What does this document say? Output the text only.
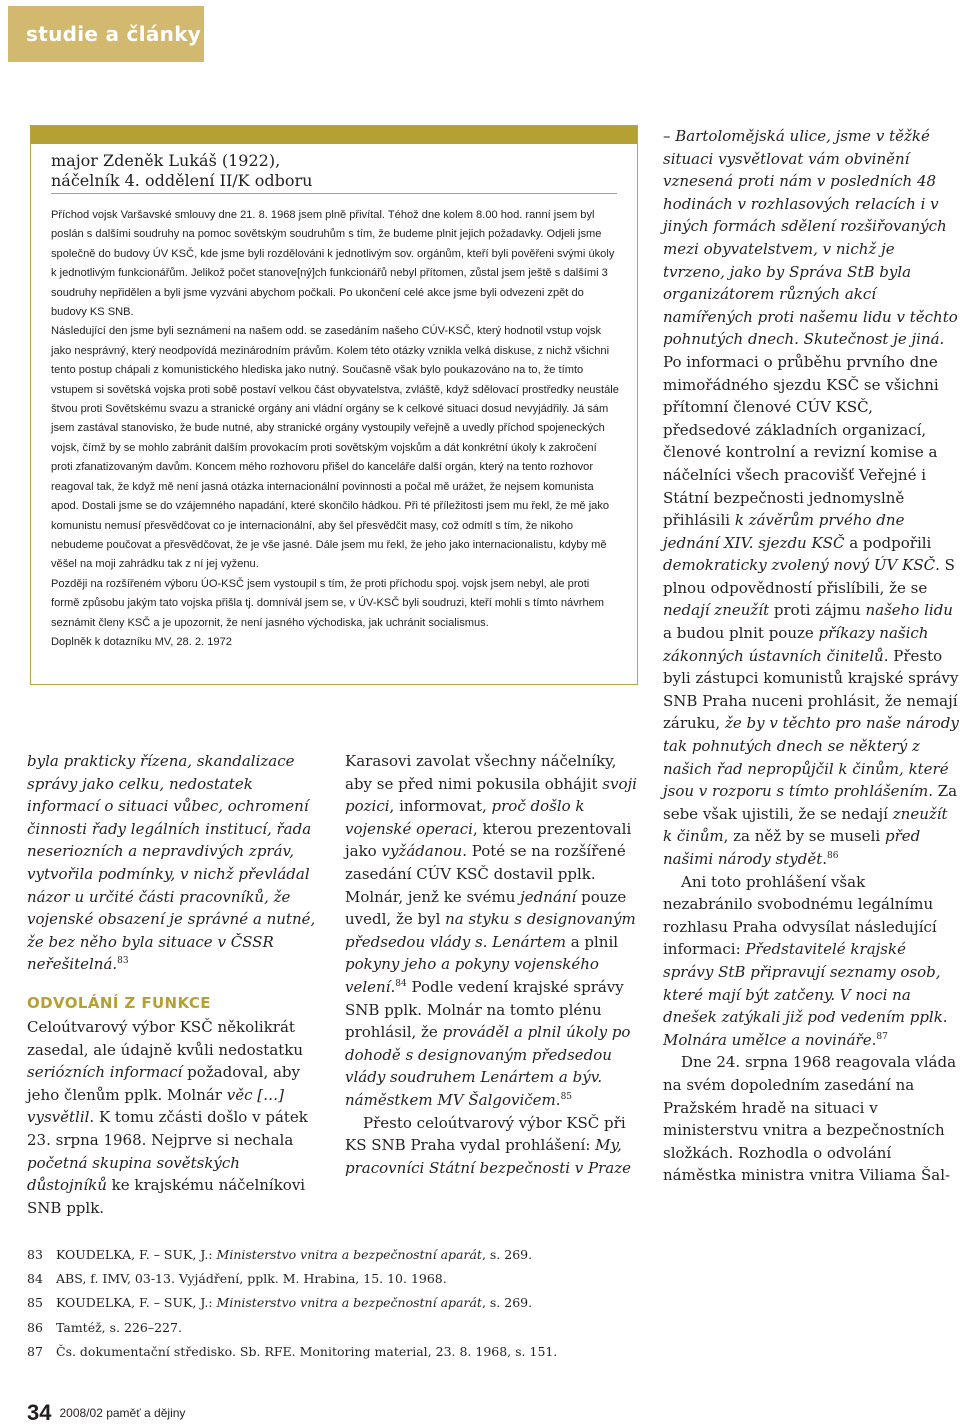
studie a články
major Zdeněk Lukáš (1922),
náčelník 4. oddělení II/K odboru

Příchod vojsk Varšavské smlouvy dne 21. 8. 1968 jsem plně přivítal. Téhož dne kolem 8.00 hod. ranní jsem byl poslán s dalšími soudruhy na pomoc sovětským soudruhům s tím, že budeme plnit jejich požadavky. Odjeli jsme společně do budovy ÚV KSČ, kde jsme byli rozdělováni k jednotlivým sov. orgánům, kteří byli pověřeni svými úkoly k jednotlivým funkcionářům. Jelikož počet stanove[ný]ch funkcionářů nebyl přítomen, zůstal jsem ještě s dalšími 3 soudruhy nepřidělen a byli jsme vyzváni abychom počkali. Po ukončení celé akce jsme byli odvezeni zpět do budovy KS SNB.

Následující den jsme byli seznámeni na našem odd. se zasedáním našeho CÚV-KSČ, který hodnotil vstup vojsk jako nesprávný, který neodpovídá mezinárodním právům. Kolem této otázky vznikla velká diskuse, z nichž všichni tento postup chápali z komunistického hlediska jako nutný. Současně však bylo poukazováno na to, že tímto vstupem si sovětská vojska proti sobě postaví velkou část obyvatelstva, zvláště, když sdělovací prostředky neustále štvou proti Sovětskému svazu a stranické orgány ani vládní orgány se k celkové situaci dosud nevyjádřily. Já sám jsem zastával stanovisko, že bude nutné, aby stranické orgány vystoupily veřejně a uvedly příchod spojeneckých vojsk, čímž by se mohlo zabránit dalším provokacím proti sovětským vojskům a dát konkrétní úkoly k zakročení proti zfanatizovaným davům. Koncem mého rozhovoru přišel do kanceláře další orgán, který na tento rozhovor reagoval tak, že když mě není jasná otázka internacionální povinnosti a počal mě urážet, že nejsem komunista apod. Dostali jsme se do vzájemného napadání, které skončilo hádkou. Při té příležitosti jsem mu řekl, že mě jako komunistu nemusí přesvědčovat co je internacionální, aby šel přesvědčit masy, což odmítl s tím, že nikoho nebudeme poučovat a přesvědčovat, že je vše jasné. Dále jsem mu řekl, že jeho jako internacionalistu, kdyby mě věšel na moji zahrádku tak z ní jej vyženu.

Později na rozšířeném výboru ÚO-KSČ jsem vystoupil s tím, že proti příchodu spoj. vojsk jsem nebyl, ale proti formě způsobu jakým tato vojska přišla tj. domnívál jsem se, v ÚV-KSČ byli soudruzi, kteří mohli s tímto návrhem seznámit členy KSČ a je upozornit, že není jasného východiska, jak uchránit socialismus.

Doplněk k dotazníku MV, 28. 2. 1972

byla prakticky řízena, skandalizace správy jako celku, nedostatek informací o situaci vůbec, ochromení činnosti řady legálních institucí, řada neseriozních a nepravdivých zpráv, vytvořila podmínky, v nichž převládal názor u určité části pracovníků, že vojenské obsazení je správné a nutné, že bez něho byla situace v ČSSR neřešitelná.$^{83}$

ODVOLÁNÍ Z FUNKCE

Celoútvarový výbor KSČ několikrát zasedal, ale údajně kvůli nedostatku seriózních informací požadoval, aby jeho členům pplk. Molnár věc […] vysvětlil. K tomu zčásti došlo v pátek 23. srpna 1968. Nejprve si nechala početná skupina sovětských důstojníků ke krajskému náčelníkovi SNB pplk.

Karasovi zavolat všechny náčelníky, aby se před nimi pokusila obhájit svoji pozici, informovat, proč došlo k vojenské operaci, kterou prezentovali jako vyžádanou. Poté se na rozšířené zasedání CÚV KSČ dostavil pplk. Molnár, jenž ke svému jednání pouze uvedl, že byl na styku s designovaným předsedou vlády s. Lenártem a plnil pokyny jeho a pokyny vojenského velení.$^{84}$ Podle vedení krajské správy SNB pplk. Molnár na tomto plénu prohlásil, že prováděl a plnil úkoly po dohodě s designovaným předsedou vlády soudruhem Lenártem a býv. náměstkem MV Šalgovičem.$^{85}$

Přesto celoútvarový výbor KSČ při KS SNB Praha vydal prohlášení: My, pracovníci Státní bezpečnosti v Praze

– Bartolomějská ulice, jsme v těžké situaci vysvětlovat vám obvinění vznesená proti nám v posledních 48 hodinách v rozhlasových relacích i v jiných formách sdělení rozšiřovaných mezi obyvatelstvem, v nichž je tvrzeno, jako by Správa StB byla organizátorem různých akcí namířených proti našemu lidu v těchto pohnutých dnech. Skutečnost je jiná. Po informaci o průběhu prvního dne mimořádného sjezdu KSČ se všichni přítomní členové CÚV KSČ, předsedové základních organizací, členové kontrolní a revizní komise a náčelníci všech pracovišť Veřejné i Státní bezpečnosti jednomyslně přihlásili k závěrům prvého dne jednání XIV. sjezdu KSČ a podpořili demokraticky zvolený nový ÚV KSČ. S plnou odpovědností přislíbili, že se nedají zneužít proti zájmu našeho lidu a budou plnit pouze příkazy našich zákonných ústavních činitelů. Přesto byli zástupci komunistů krajské správy SNB Praha nuceni prohlásit, že nemají záruku, že by v těchto pro naše národy tak pohnutých dnech se některý z našich řad nepropůjčil k činům, které jsou v rozporu s tímto prohlášením. Za sebe však ujistili, že se nedají zneužít k činům, za něž by se museli před našimi národy stydět.$^{86}$

Ani toto prohlášení však nezabránilo svobodnému legálnímu rozhlasu Praha odvysílat následující informaci: Představitelé krajské správy StB připravují seznamy osob, které mají být zatčeny. V noci na dnešek zatýkali již pod vedením pplk. Molnára umělce a novináře.$^{87}$

Dne 24. srpna 1968 reagovala vláda na svém dopoledním zasedání na Pražském hradě na situaci v ministerstvu vnitra a bezpečnostních složkách. Rozhodla o odvolání náměstka ministra vnitra Viliama Šal-

83	KOUDELKA, F. – SUK, J.: Ministerstvo vnitra a bezpečnostní aparát, s. 269.
84	ABS, f. IMV, 03-13. Vyjádření, pplk. M. Hrabina, 15. 10. 1968.
85	KOUDELKA, F. – SUK, J.: Ministerstvo vnitra a bezpečnostní aparát, s. 269.
86	Tamtéž, s. 226–227.
87	Čs. dokumentační středisko. Sb. RFE. Monitoring material, 23. 8. 1968, s. 151.
34 2008/02 paměť a dějiny
